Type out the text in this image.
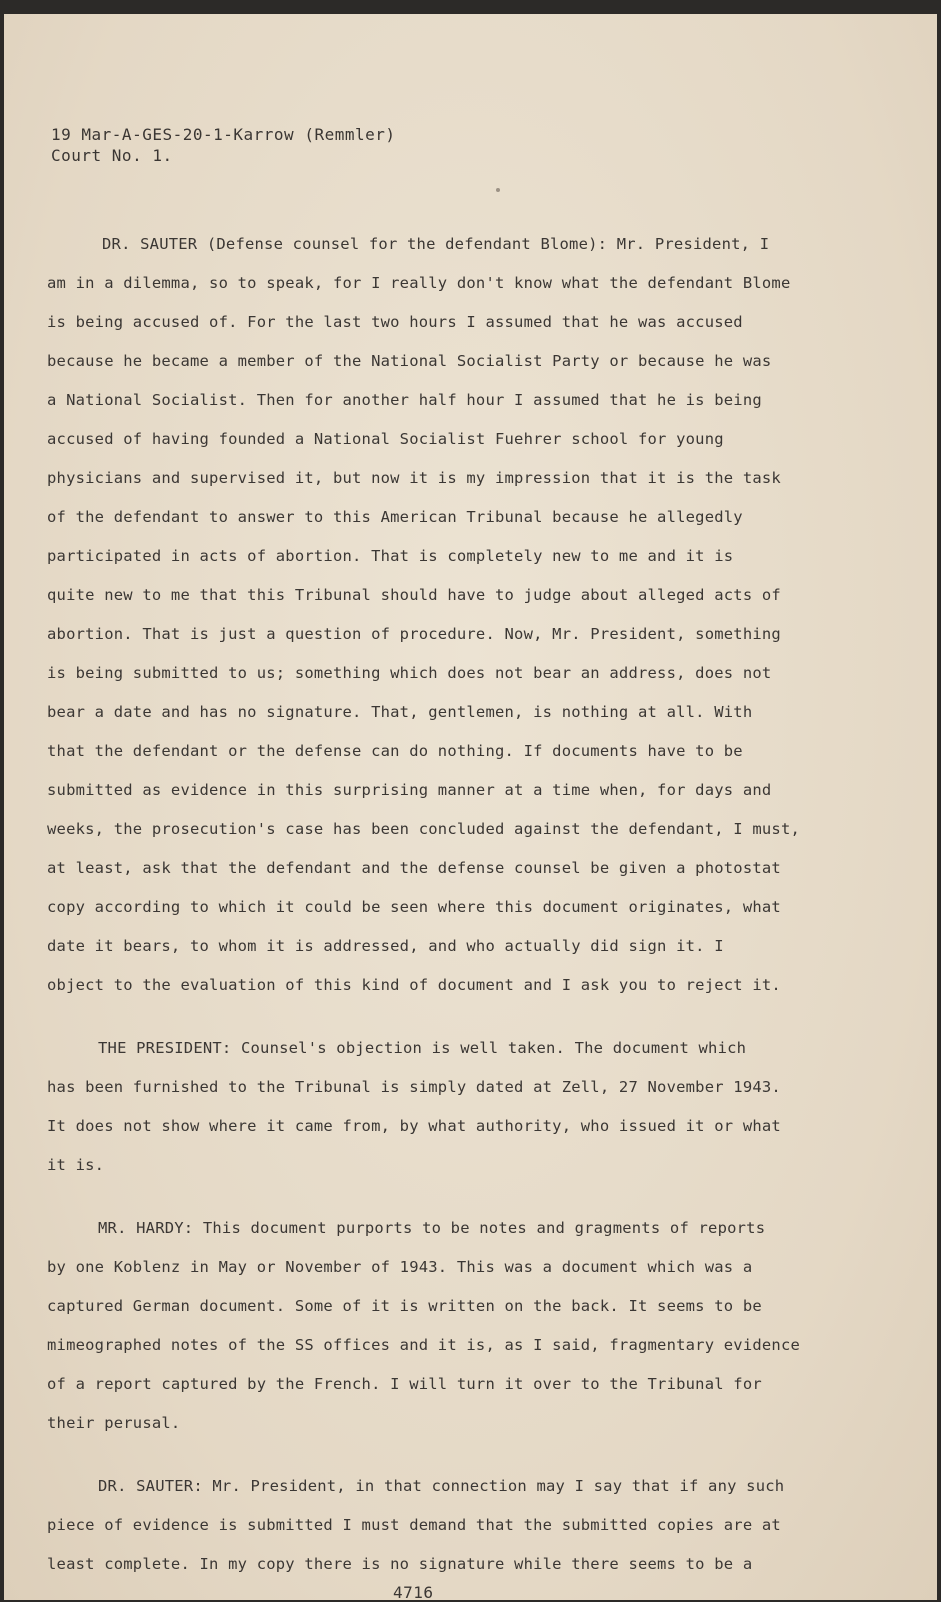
19 Mar-A-GES-20-1-Karrow (Remmler)
Court No. 1.
DR. SAUTER (Defense counsel for the defendant Blome): Mr. President, I
am in a dilemma, so to speak, for I really don't know what the defendant Blome
is being accused of. For the last two hours I assumed that he was accused
because he became a member of the National Socialist Party or because he was
a National Socialist. Then for another half hour I assumed that he is being
accused of having founded a National Socialist Fuehrer school for young
physicians and supervised it, but now it is my impression that it is the task
of the defendant to answer to this American Tribunal because he allegedly
participated in acts of abortion. That is completely new to me and it is
quite new to me that this Tribunal should have to judge about alleged acts of
abortion. That is just a question of procedure. Now, Mr. President, something
is being submitted to us; something which does not bear an address, does not
bear a date and has no signature. That, gentlemen, is nothing at all. With
that the defendant or the defense can do nothing. If documents have to be
submitted as evidence in this surprising manner at a time when, for days and
weeks, the prosecution's case has been concluded against the defendant, I must,
at least, ask that the defendant and the defense counsel be given a photostat
copy according to which it could be seen where this document originates, what
date it bears, to whom it is addressed, and who actually did sign it. I
object to the evaluation of this kind of document and I ask you to reject it.
THE PRESIDENT: Counsel's objection is well taken. The document which
has been furnished to the Tribunal is simply dated at Zell, 27 November 1943.
It does not show where it came from, by what authority, who issued it or what
it is.
MR. HARDY: This document purports to be notes and gragments of reports
by one Koblenz in May or November of 1943. This was a document which was a
captured German document. Some of it is written on the back. It seems to be
mimeographed notes of the SS offices and it is, as I said, fragmentary evidence
of a report captured by the French. I will turn it over to the Tribunal for
their perusal.
DR. SAUTER: Mr. President, in that connection may I say that if any such
piece of evidence is submitted I must demand that the submitted copies are at
least complete. In my copy there is no signature while there seems to be a
4716
